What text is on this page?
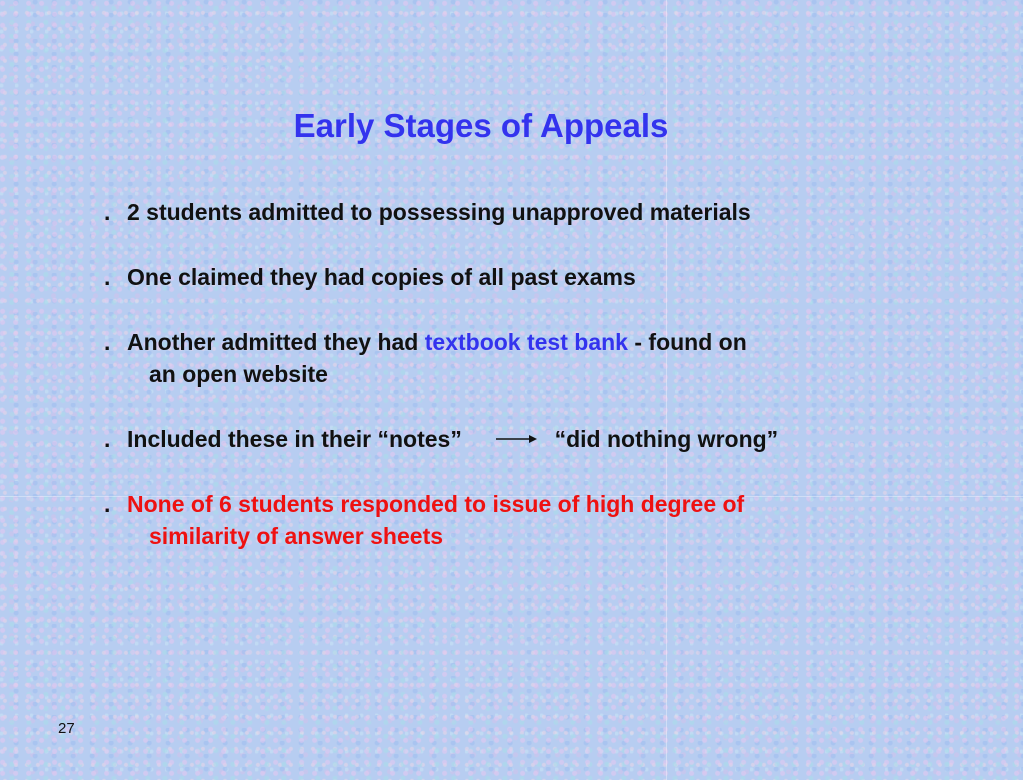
Early Stages of Appeals
. 2 students admitted to possessing unapproved materials
. One claimed they had copies of all past exams
. Another admitted they had textbook test bank - found on
an open website
. Included these in their “notes”	“did nothing wrong”
. None of 6 students responded to issue of high degree of
similarity of answer sheets

27
